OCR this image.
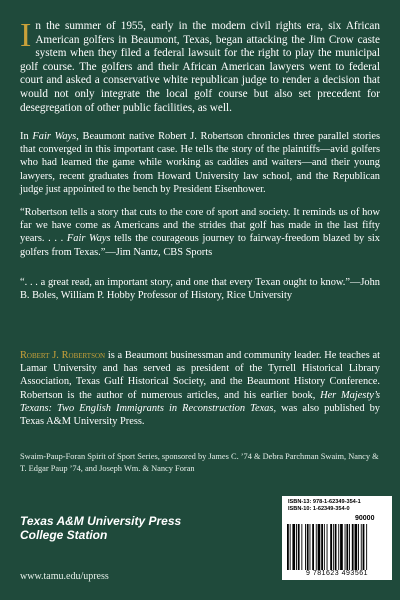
In the summer of 1955, early in the modern civil rights era, six African American golfers in Beaumont, Texas, began attacking the Jim Crow caste system when they filed a federal lawsuit for the right to play the municipal golf course. The golfers and their African American lawyers went to federal court and asked a conservative white republican judge to render a decision that would not only integrate the local golf course but also set precedent for desegregation of other public facilities, as well.

In Fair Ways, Beaumont native Robert J. Robertson chronicles three parallel stories that converged in this important case. He tells the story of the plaintiffs—avid golfers who had learned the game while working as caddies and waiters—and their young lawyers, recent graduates from Howard University law school, and the Republican judge just appointed to the bench by President Eisenhower.

“Robertson tells a story that cuts to the core of sport and society. It reminds us of how far we have come as Americans and the strides that golf has made in the last fifty years. . . . Fair Ways tells the courageous journey to fairway-freedom blazed by six golfers from Texas.”—Jim Nantz, CBS Sports

“. . . a great read, an important story, and one that every Texan ought to know.”—John B. Boles, William P. Hobby Professor of History, Rice University

Robert J. Robertson is a Beaumont businessman and community leader. He teaches at Lamar University and has served as president of the Tyrrell Historical Library Association, Texas Gulf Historical Society, and the Beaumont History Conference. Robertson is the author of numerous articles, and his earlier book, Her Majesty’s Texans: Two English Immigrants in Reconstruction Texas, was also published by Texas A&M University Press.

Swaim-Paup-Foran Spirit of Sport Series, sponsored by James C. ’74 & Debra Parchman Swaim, Nancy & T. Edgar Paup ’74, and Joseph Wm. & Nancy Foran

Texas A&M University Press
College Station

www.tamu.edu/upress

ISBN-13: 978-1-62349-354-1

ISBN-10: 1-62349-354-0

90000

9 781623 493561
